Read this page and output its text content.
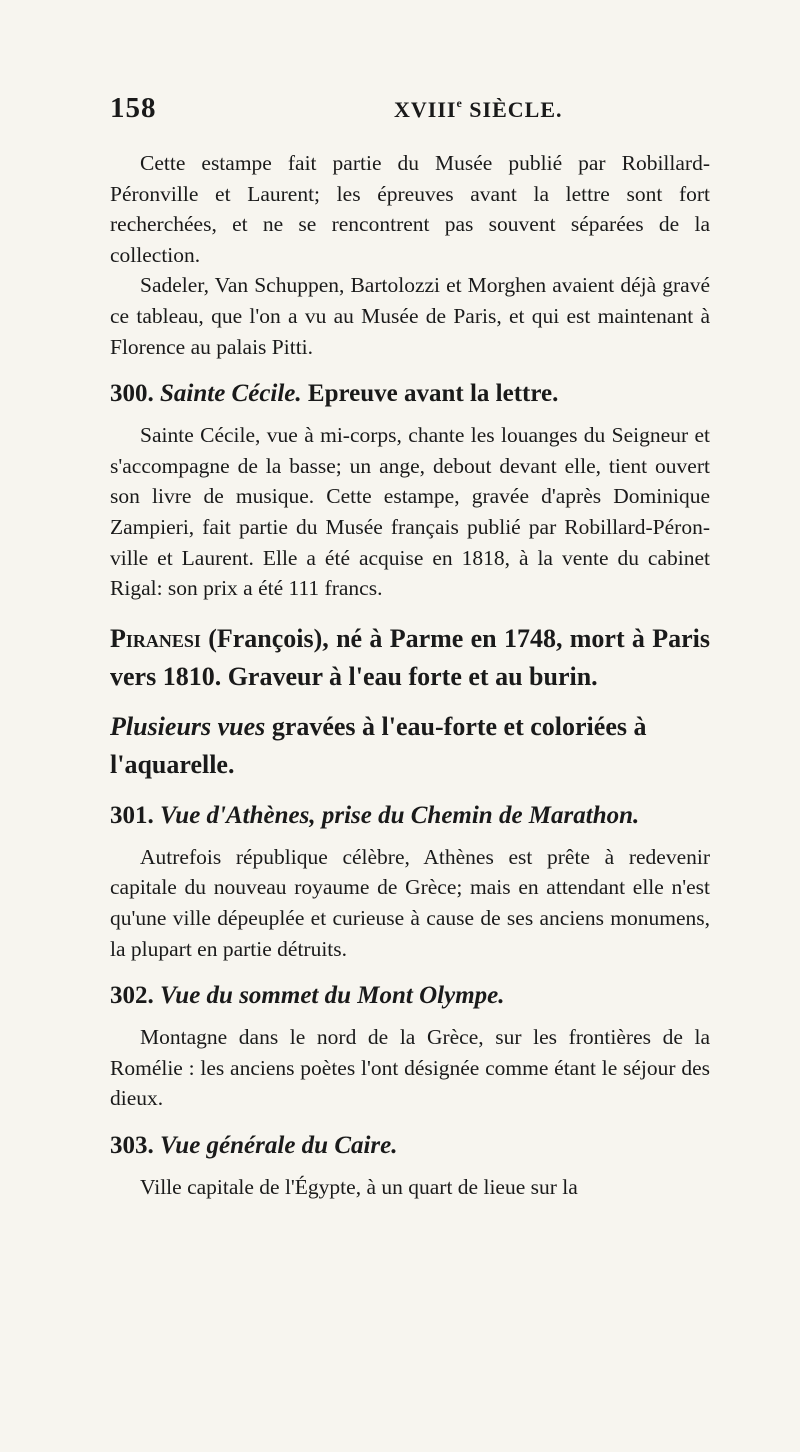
158	XVIIIe SIÈCLE.

Cette estampe fait partie du Musée publié par Robillard-Péronville et Laurent; les épreuves avant la lettre sont fort recherchées, et ne se rencontrent pas souvent séparées de la collection.

Sadeler, Van Schuppen, Bartolozzi et Morghen avaient déjà gravé ce tableau, que l'on a vu au Musée de Paris, et qui est maintenant à Florence au palais Pitti.

300. Sainte Cécile. Epreuve avant la lettre.

Sainte Cécile, vue à mi-corps, chante les louanges du Seigneur et s'accompagne de la basse; un ange, debout devant elle, tient ouvert son livre de musique. Cette estampe, gravée d'après Dominique Zampieri, fait partie du Musée français publié par Robillard-Péronville et Laurent. Elle a été acquise en 1818, à la vente du cabinet Rigal: son prix a été 111 francs.

Piranesi (François), né à Parme en 1748, mort à Paris vers 1810. Graveur à l'eau forte et au burin.

Plusieurs vues gravées à l'eau-forte et coloriées à l'aquarelle.

301. Vue d'Athènes, prise du Chemin de Marathon.

Autrefois république célèbre, Athènes est prête à redevenir capitale du nouveau royaume de Grèce; mais en attendant elle n'est qu'une ville dépeuplée et curieuse à cause de ses anciens monumens, la plupart en partie détruits.

302. Vue du sommet du Mont Olympe.

Montagne dans le nord de la Grèce, sur les frontières de la Romélie : les anciens poètes l'ont désignée comme étant le séjour des dieux.

303. Vue générale du Caire.

Ville capitale de l'Égypte, à un quart de lieue sur la
